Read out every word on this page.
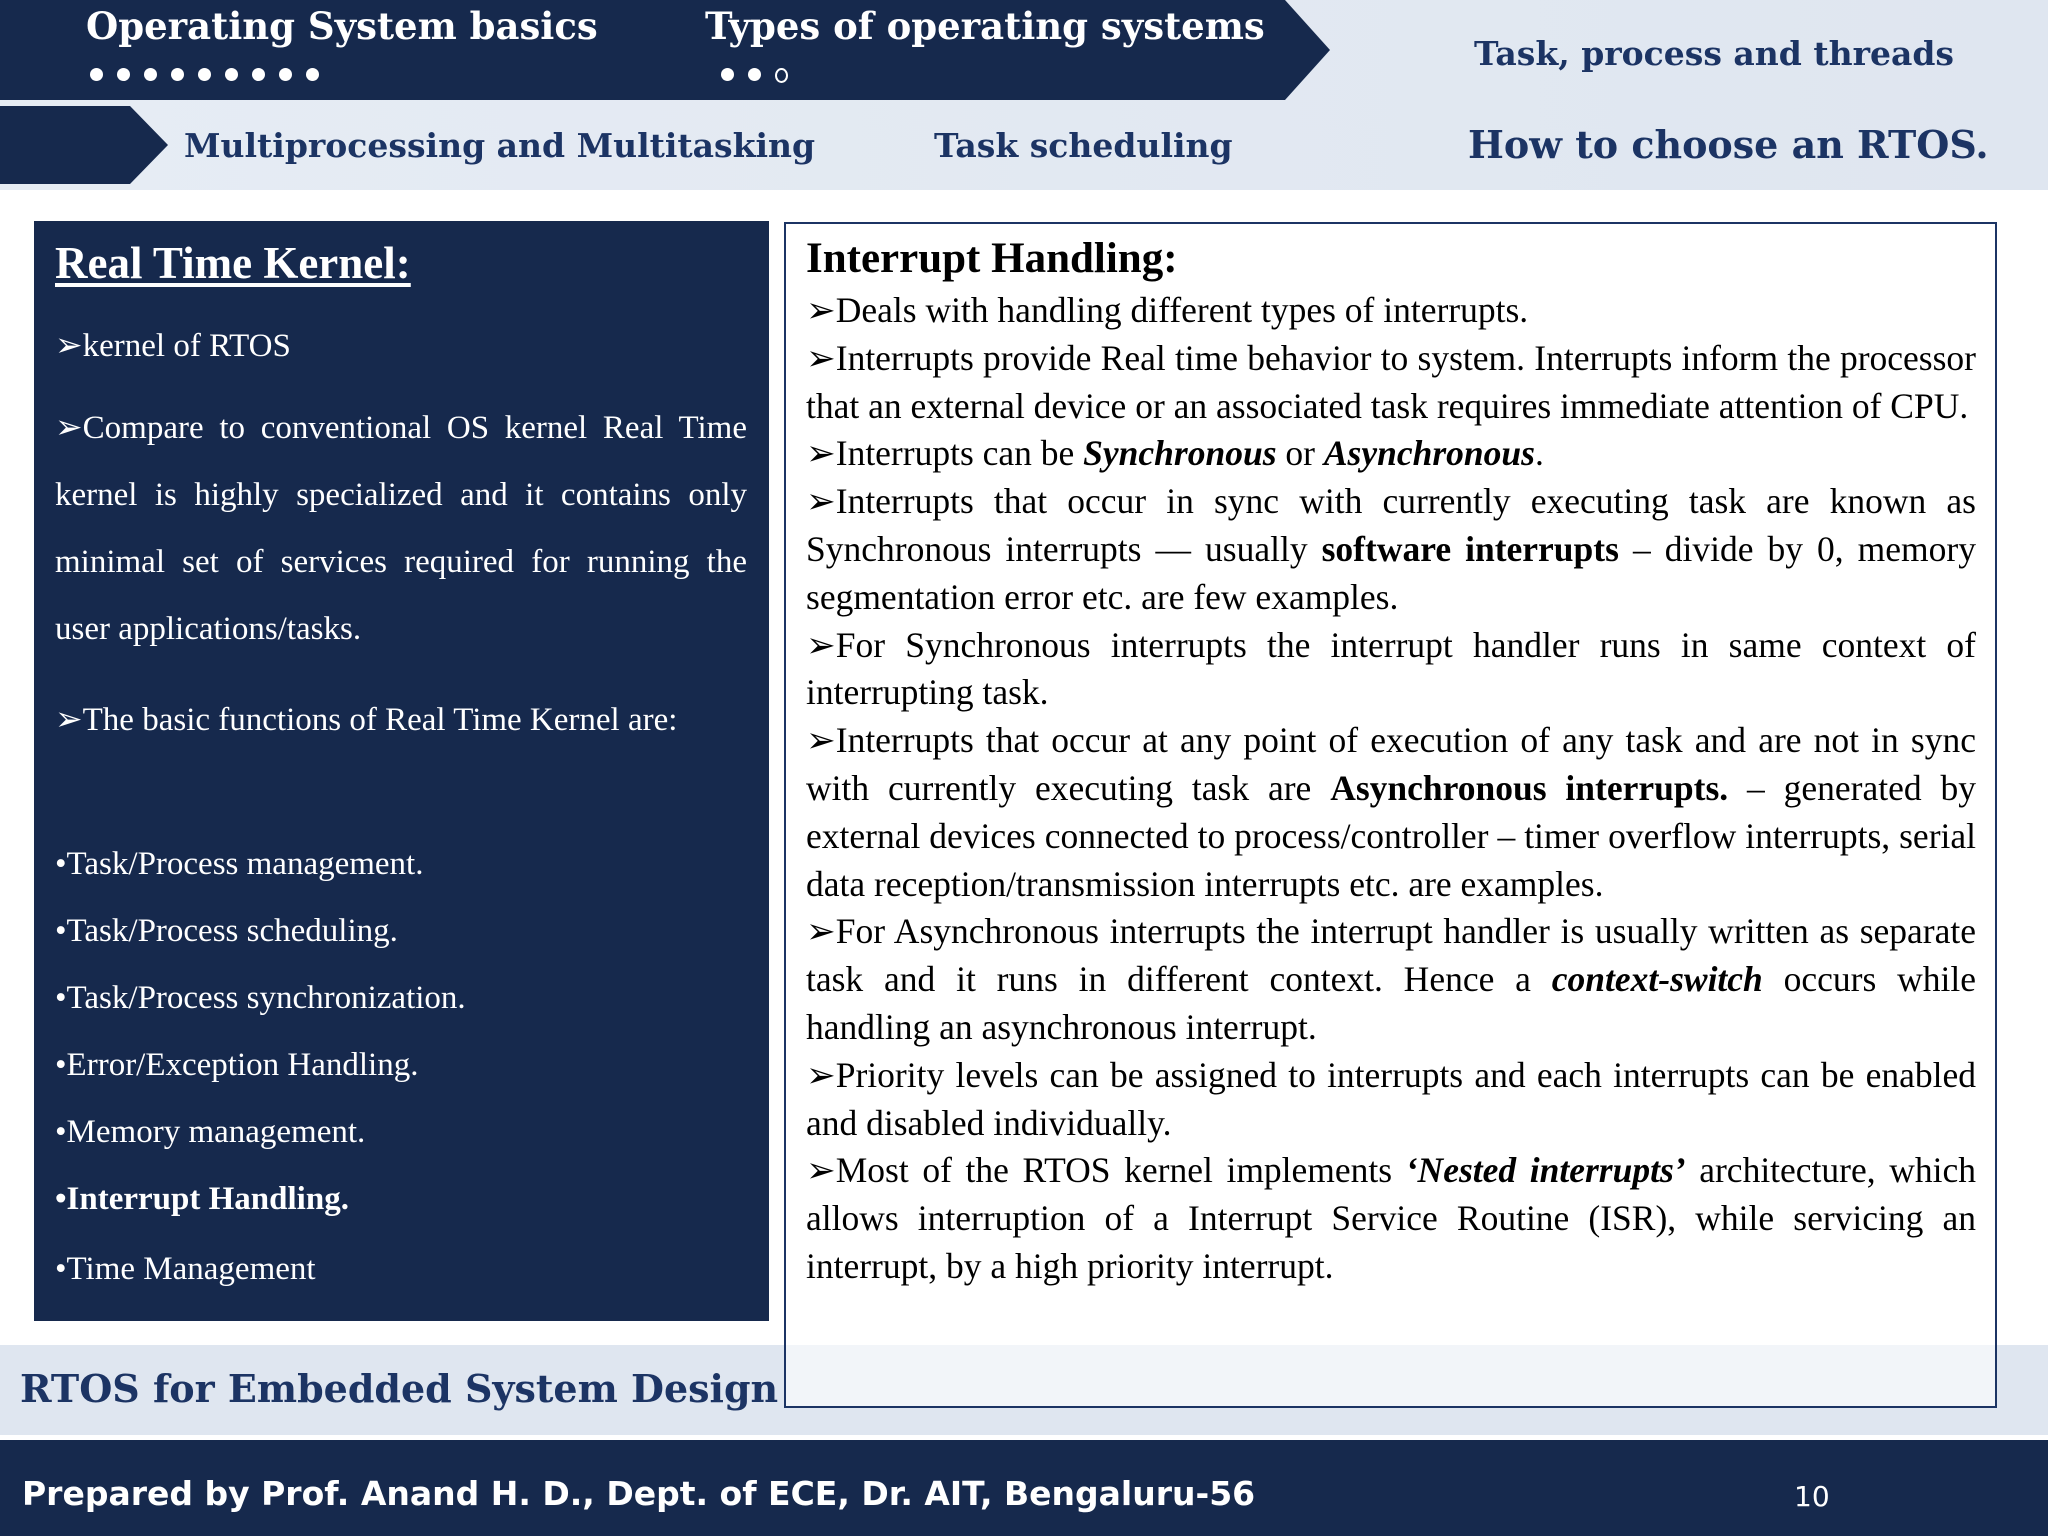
Operating System basics	Types of operating systems
Task, process and threads
Multiprocessing and Multitasking	Task scheduling	How to choose an RTOS.
RTOS for Embedded System Design
Real Time Kernel:
➢kernel of RTOS
➢Compare to conventional OS kernel Real Time kernel is highly specialized and it contains only minimal set of services required for running the user applications/tasks.
➢The basic functions of Real Time Kernel are:
•Task/Process management.
•Task/Process scheduling.
•Task/Process synchronization.
•Error/Exception Handling.
•Memory management.
•Interrupt Handling.
•Time Management
Interrupt Handling:

➢Deals with handling different types of interrupts.

➢Interrupts provide Real time behavior to system. Interrupts inform the processor that an external device or an associated task requires immediate attention of CPU.

➢Interrupts can be Synchronous or Asynchronous.

➢Interrupts that occur in sync with currently executing task are known as Synchronous interrupts — usually software interrupts – divide by 0, memory segmentation error etc. are few examples.

➢For Synchronous interrupts the interrupt handler runs in same context of interrupting task.

➢Interrupts that occur at any point of execution of any task and are not in sync with currently executing task are Asynchronous interrupts. – generated by external devices connected to process/controller – timer overflow interrupts, serial data reception/transmission interrupts etc. are examples.

➢For Asynchronous interrupts the interrupt handler is usually written as separate task and it runs in different context. Hence a context-switch occurs while handling an asynchronous interrupt.

➢Priority levels can be assigned to interrupts and each interrupts can be enabled and disabled individually.

➢Most of the RTOS kernel implements ‘Nested interrupts’ architecture, which allows interruption of a Interrupt Service Routine (ISR), while servicing an interrupt, by a high priority interrupt.

Prepared by Prof. Anand H. D., Dept. of ECE, Dr. AIT, Bengaluru-56	10
